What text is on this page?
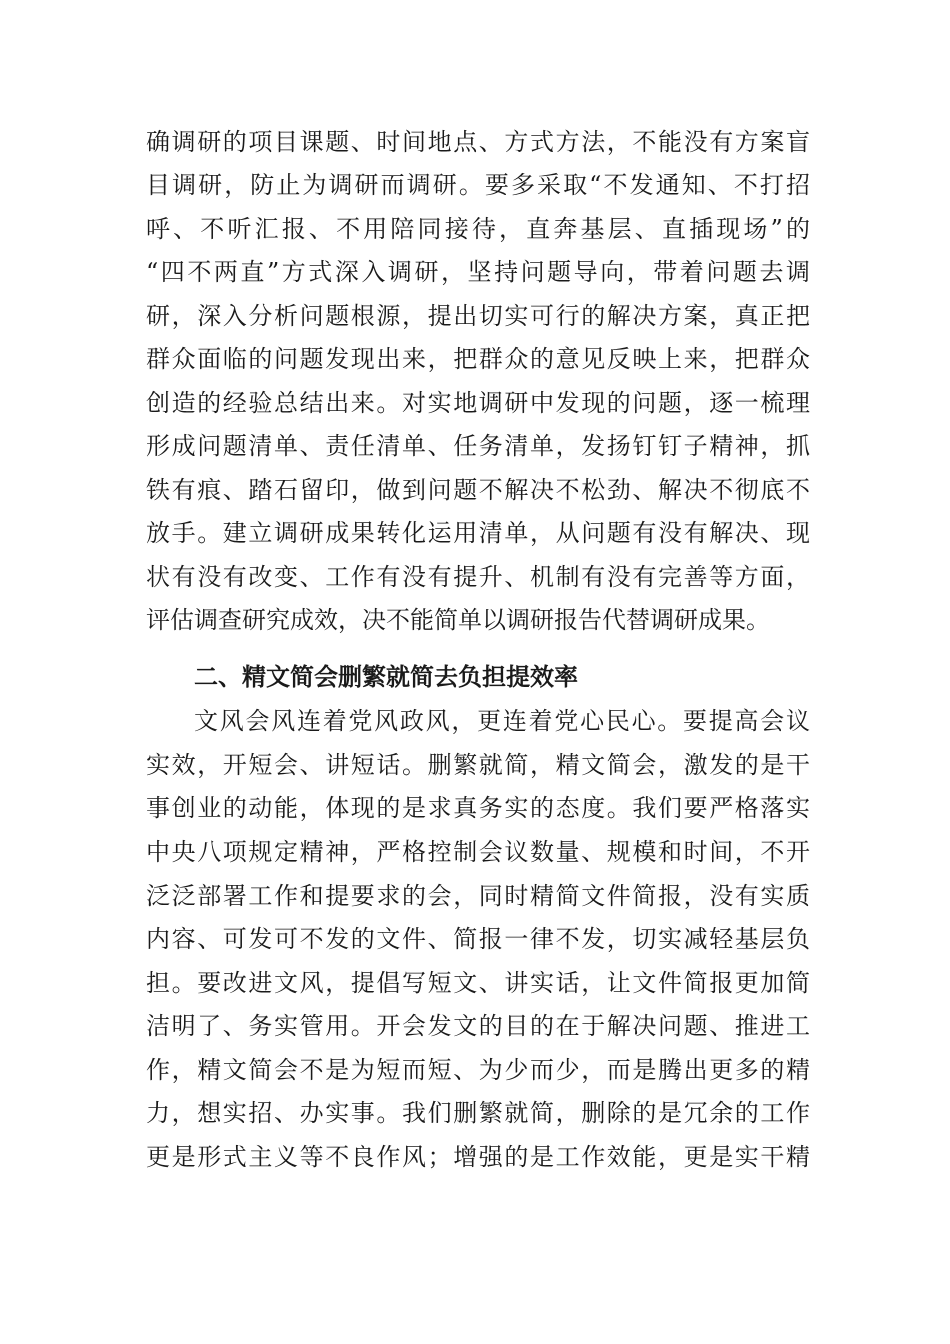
确调研的项目课题、时间地点、方式方法，不能没有方案盲
目调研，防止为调研而调研。要多采取“不发通知、不打招
呼、不听汇报、不用陪同接待，直奔基层、直插现场”的
“四不两直”方式深入调研，坚持问题导向，带着问题去调
研，深入分析问题根源，提出切实可行的解决方案，真正把
群众面临的问题发现出来，把群众的意见反映上来，把群众
创造的经验总结出来。对实地调研中发现的问题，逐一梳理
形成问题清单、责任清单、任务清单，发扬钉钉子精神，抓
铁有痕、踏石留印，做到问题不解决不松劲、解决不彻底不
放手。建立调研成果转化运用清单，从问题有没有解决、现
状有没有改变、工作有没有提升、机制有没有完善等方面，
评估调查研究成效，决不能简单以调研报告代替调研成果。
二、精文简会删繁就简去负担提效率
文风会风连着党风政风，更连着党心民心。要提高会议
实效，开短会、讲短话。删繁就简，精文简会，激发的是干
事创业的动能，体现的是求真务实的态度。我们要严格落实
中央八项规定精神，严格控制会议数量、规模和时间，不开
泛泛部署工作和提要求的会，同时精简文件简报，没有实质
内容、可发可不发的文件、简报一律不发，切实减轻基层负
担。要改进文风，提倡写短文、讲实话，让文件简报更加简
洁明了、务实管用。开会发文的目的在于解决问题、推进工
作，精文简会不是为短而短、为少而少，而是腾出更多的精
力，想实招、办实事。我们删繁就简，删除的是冗余的工作
更是形式主义等不良作风；增强的是工作效能，更是实干精
